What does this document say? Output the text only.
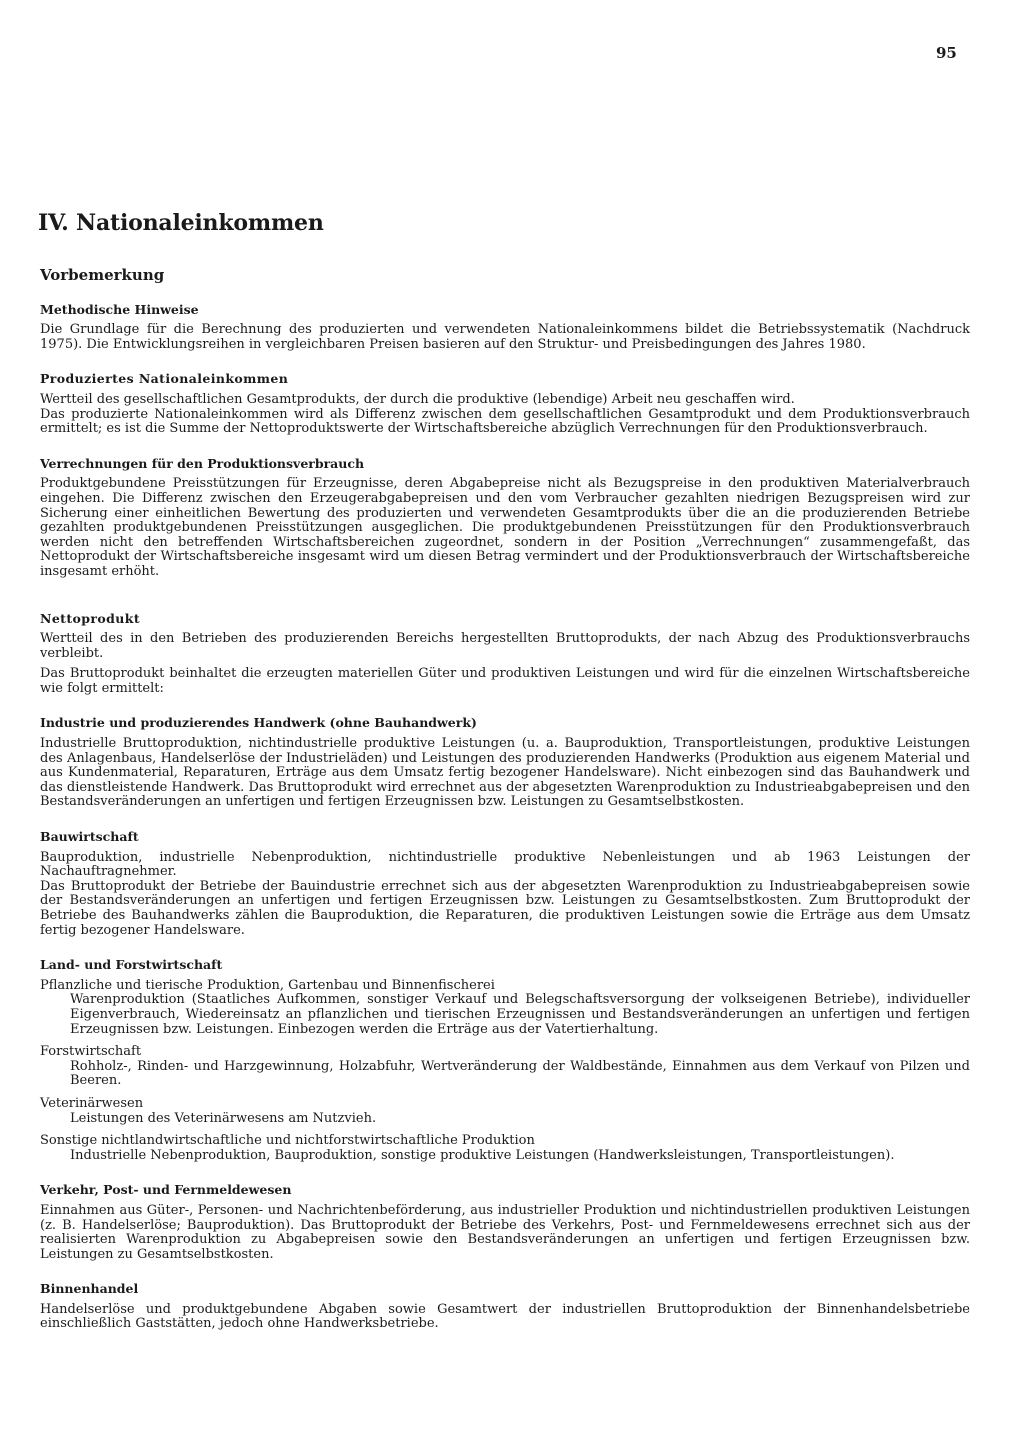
95
IV. Nationaleinkommen
Vorbemerkung
Methodische Hinweise

Die Grundlage für die Berechnung des produzierten und verwendeten Nationaleinkommens bildet die Betriebssystematik (Nachdruck 1975). Die Entwicklungsreihen in vergleichbaren Preisen basieren auf den Struktur- und Preisbedingungen des Jahres 1980.

Produziertes Nationaleinkommen

Wertteil des gesellschaftlichen Gesamtprodukts, der durch die produktive (lebendige) Arbeit neu geschaffen wird.

Das produzierte Nationaleinkommen wird als Differenz zwischen dem gesellschaftlichen Gesamtprodukt und dem Produktionsverbrauch ermittelt; es ist die Summe der Nettoproduktswerte der Wirtschaftsbereiche abzüglich Verrechnungen für den Produktionsverbrauch.

Verrechnungen für den Produktionsverbrauch

Produktgebundene Preisstützungen für Erzeugnisse, deren Abgabepreise nicht als Bezugspreise in den produktiven Materialverbrauch eingehen. Die Differenz zwischen den Erzeugerabgabepreisen und den vom Verbraucher gezahlten niedrigen Bezugspreisen wird zur Sicherung einer einheitlichen Bewertung des produzierten und verwendeten Gesamtprodukts über die an die produzierenden Betriebe gezahlten produktgebundenen Preisstützungen ausgeglichen. Die produktgebundenen Preisstützungen für den Produktionsverbrauch werden nicht den betreffenden Wirtschaftsbereichen zugeordnet, sondern in der Position „Verrechnungen“ zusammengefaßt, das Nettoprodukt der Wirtschaftsbereiche insgesamt wird um diesen Betrag vermindert und der Produktionsverbrauch der Wirtschaftsbereiche insgesamt erhöht.

Nettoprodukt

Wertteil des in den Betrieben des produzierenden Bereichs hergestellten Bruttoprodukts, der nach Abzug des Produktionsverbrauchs verbleibt.

Das Bruttoprodukt beinhaltet die erzeugten materiellen Güter und produktiven Leistungen und wird für die einzelnen Wirtschaftsbereiche wie folgt ermittelt:

Industrie und produzierendes Handwerk (ohne Bauhandwerk)

Industrielle Bruttoproduktion, nichtindustrielle produktive Leistungen (u. a. Bauproduktion, Transportleistungen, produktive Leistungen des Anlagenbaus, Handelserlöse der Industrieläden) und Leistungen des produzierenden Handwerks (Produktion aus eigenem Material und aus Kundenmaterial, Reparaturen, Erträge aus dem Umsatz fertig bezogener Handelsware). Nicht einbezogen sind das Bauhandwerk und das dienstleistende Handwerk. Das Bruttoprodukt wird errechnet aus der abgesetzten Warenproduktion zu Industrieabgabepreisen und den Bestandsveränderungen an unfertigen und fertigen Erzeugnissen bzw. Leistungen zu Gesamtselbstkosten.

Bauwirtschaft

Bauproduktion, industrielle Nebenproduktion, nichtindustrielle produktive Nebenleistungen und ab 1963 Leistungen der Nachauftragnehmer.

Das Bruttoprodukt der Betriebe der Bauindustrie errechnet sich aus der abgesetzten Warenproduktion zu Industrieabgabepreisen sowie der Bestandsveränderungen an unfertigen und fertigen Erzeugnissen bzw. Leistungen zu Gesamtselbstkosten. Zum Bruttoprodukt der Betriebe des Bauhandwerks zählen die Bauproduktion, die Reparaturen, die produktiven Leistungen sowie die Erträge aus dem Umsatz fertig bezogener Handelsware.

Land- und Forstwirtschaft

Pflanzliche und tierische Produktion, Gartenbau und Binnenfischerei

Warenproduktion (Staatliches Aufkommen, sonstiger Verkauf und Belegschaftsversorgung der volkseigenen Betriebe), individueller Eigenverbrauch, Wiedereinsatz an pflanzlichen und tierischen Erzeugnissen und Bestandsveränderungen an unfertigen und fertigen Erzeugnissen bzw. Leistungen. Einbezogen werden die Erträge aus der Vatertierhaltung.

Forstwirtschaft

Rohholz-, Rinden- und Harzgewinnung, Holzabfuhr, Wertveränderung der Waldbestände, Einnahmen aus dem Verkauf von Pilzen und Beeren.

Veterinärwesen

Leistungen des Veterinärwesens am Nutzvieh.

Sonstige nichtlandwirtschaftliche und nichtforstwirtschaftliche Produktion

Industrielle Nebenproduktion, Bauproduktion, sonstige produktive Leistungen (Handwerksleistungen, Transportleistungen).

Verkehr, Post- und Fernmeldewesen

Einnahmen aus Güter-, Personen- und Nachrichtenbeförderung, aus industrieller Produktion und nichtindustriellen produktiven Leistungen (z. B. Handelserlöse; Bauproduktion). Das Bruttoprodukt der Betriebe des Verkehrs, Post- und Fernmeldewesens errechnet sich aus der realisierten Warenproduktion zu Abgabepreisen sowie den Bestandsveränderungen an unfertigen und fertigen Erzeugnissen bzw. Leistungen zu Gesamtselbstkosten.

Binnenhandel

Handelserlöse und produktgebundene Abgaben sowie Gesamtwert der industriellen Bruttoproduktion der Binnenhandelsbetriebe einschließlich Gaststätten, jedoch ohne Handwerksbetriebe.
